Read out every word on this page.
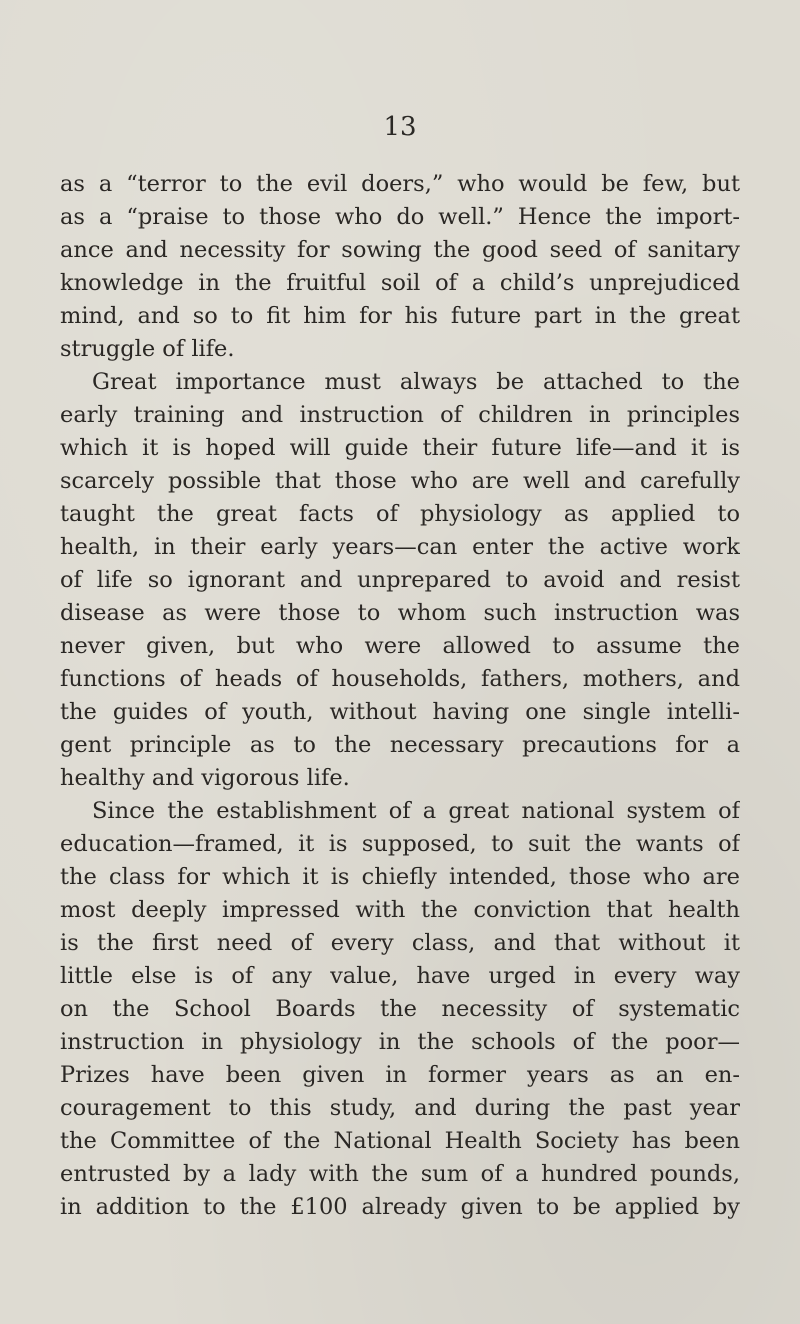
13
as a “terror to the evil doers,” who would be few, but
as a “praise to those who do well.” Hence the import-
ance and necessity for sowing the good seed of sanitary
knowledge in the fruitful soil of a child’s unprejudiced
mind, and so to fit him for his future part in the great
struggle of life.
Great importance must always be attached to the
early training and instruction of children in principles
which it is hoped will guide their future life—and it is
scarcely possible that those who are well and carefully
taught the great facts of physiology as applied to
health, in their early years—can enter the active work
of life so ignorant and unprepared to avoid and resist
disease as were those to whom such instruction was
never given, but who were allowed to assume the
functions of heads of households, fathers, mothers, and
the guides of youth, without having one single intelli-
gent principle as to the necessary precautions for a
healthy and vigorous life.
Since the establishment of a great national system of
education—framed, it is supposed, to suit the wants of
the class for which it is chiefly intended, those who are
most deeply impressed with the conviction that health
is the first need of every class, and that without it
little else is of any value, have urged in every way
on the School Boards the necessity of systematic
instruction in physiology in the schools of the poor—
Prizes have been given in former years as an en-
couragement to this study, and during the past year
the Committee of the National Health Society has been
entrusted by a lady with the sum of a hundred pounds,
in addition to the £100 already given to be applied by
